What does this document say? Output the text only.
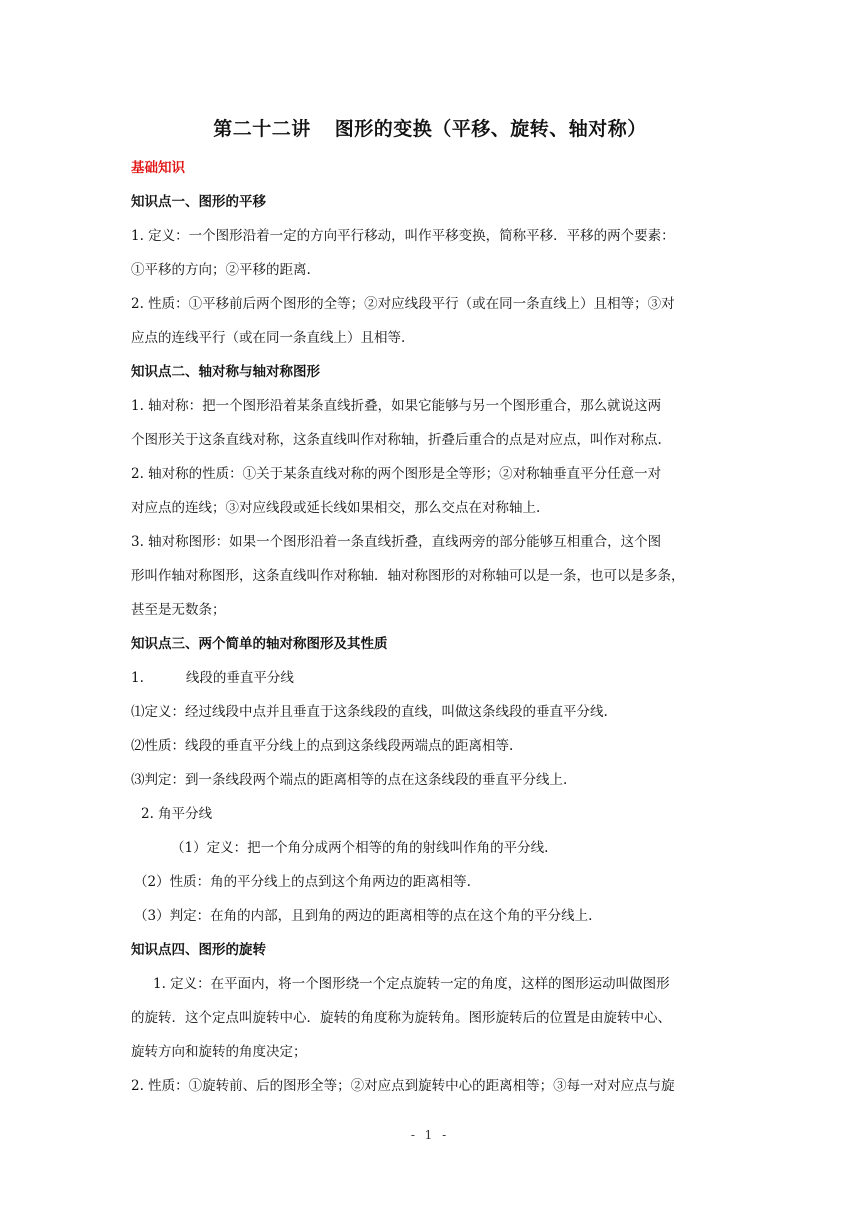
第二十二讲 图形的变换（平移、旋转、轴对称）

基础知识

知识点一、图形的平移

1. 定义：一个图形沿着一定的方向平行移动，叫作平移变换，简称平移．平移的两个要素：

①平移的方向；②平移的距离.

2. 性质：①平移前后两个图形的全等；②对应线段平行（或在同一条直线上）且相等；③对

应点的连线平行（或在同一条直线上）且相等.

知识点二、轴对称与轴对称图形

1. 轴对称：把一个图形沿着某条直线折叠，如果它能够与另一个图形重合，那么就说这两

个图形关于这条直线对称，这条直线叫作对称轴，折叠后重合的点是对应点，叫作对称点.

2. 轴对称的性质：①关于某条直线对称的两个图形是全等形；②对称轴垂直平分任意一对

对应点的连线；③对应线段或延长线如果相交，那么交点在对称轴上.

3. 轴对称图形：如果一个图形沿着一条直线折叠，直线两旁的部分能够互相重合，这个图

形叫作轴对称图形，这条直线叫作对称轴．轴对称图形的对称轴可以是一条，也可以是多条，

甚至是无数条；

知识点三、两个简单的轴对称图形及其性质

1.	线段的垂直平分线

⑴定义：经过线段中点并且垂直于这条线段的直线，叫做这条线段的垂直平分线.

⑵性质：线段的垂直平分线上的点到这条线段两端点的距离相等.

⑶判定：到一条线段两个端点的距离相等的点在这条线段的垂直平分线上.

2. 角平分线

（1）定义：把一个角分成两个相等的角的射线叫作角的平分线.

（2）性质：角的平分线上的点到这个角两边的距离相等.

（3）判定：在角的内部，且到角的两边的距离相等的点在这个角的平分线上.

知识点四、图形的旋转

1. 定义：在平面内，将一个图形绕一个定点旋转一定的角度，这样的图形运动叫做图形

的旋转．这个定点叫旋转中心．旋转的角度称为旋转角。图形旋转后的位置是由旋转中心、

旋转方向和旋转的角度决定；

2. 性质：①旋转前、后的图形全等；②对应点到旋转中心的距离相等；③每一对对应点与旋

- 1 -
